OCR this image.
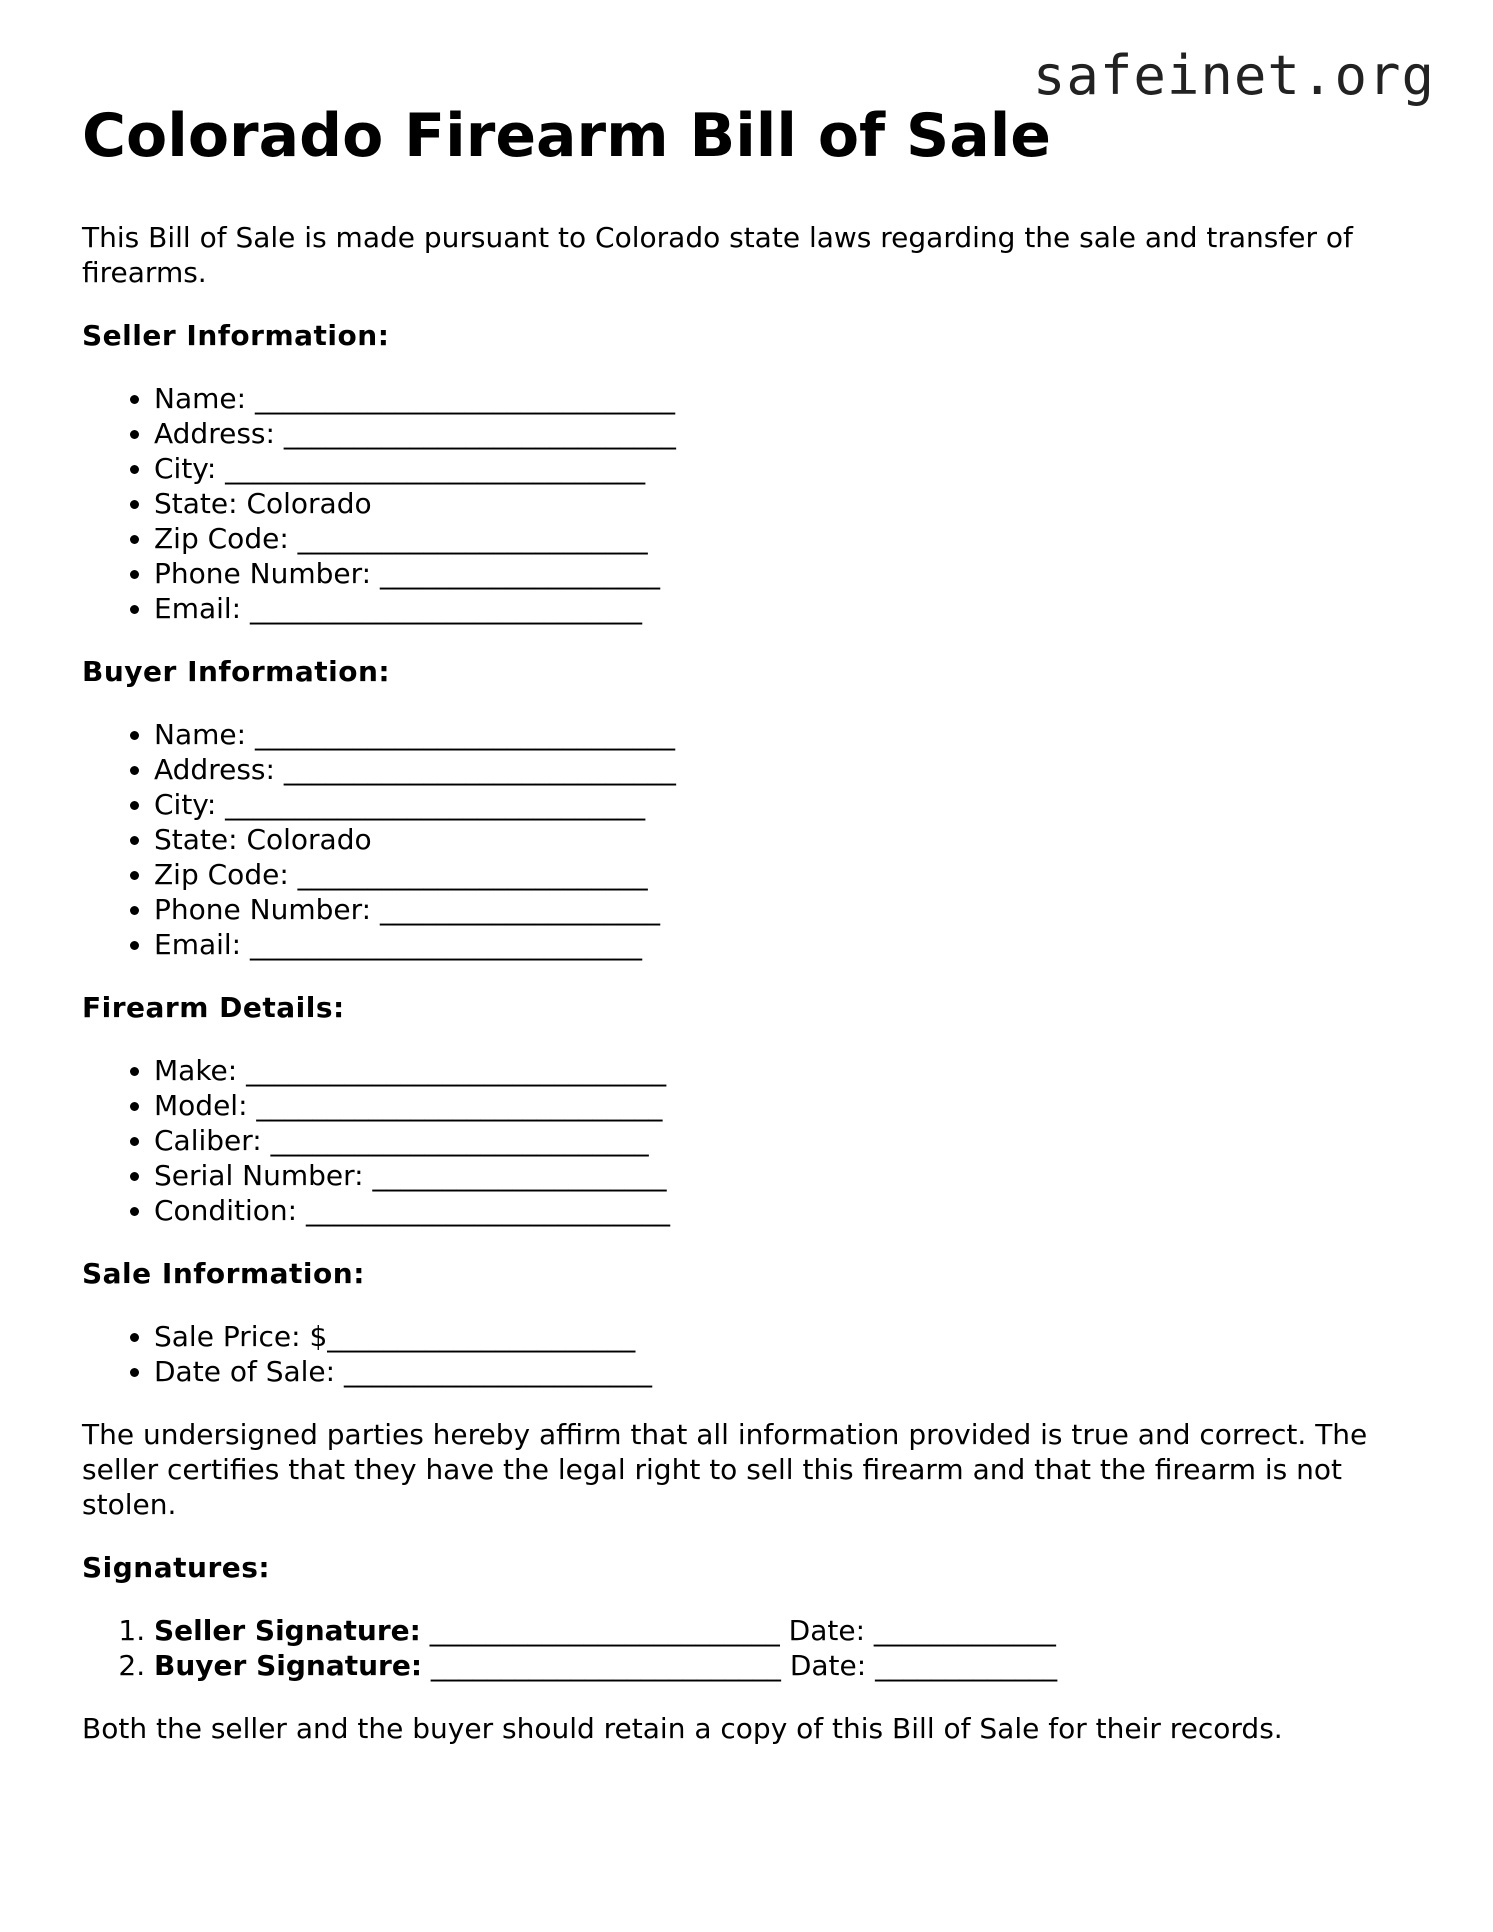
safeinet.org
Colorado Firearm Bill of Sale

This Bill of Sale is made pursuant to Colorado state laws regarding the sale and transfer of firearms.

Seller Information:
• Name: ______________________________
• Address: ____________________________
• City: ______________________________
• State: Colorado
• Zip Code: _________________________
• Phone Number: ____________________
• Email: ____________________________
Buyer Information:
• Name: ______________________________
• Address: ____________________________
• City: ______________________________
• State: Colorado
• Zip Code: _________________________
• Phone Number: ____________________
• Email: ____________________________
Firearm Details:
• Make: ______________________________
• Model: _____________________________
• Caliber: ___________________________
• Serial Number: _____________________
• Condition: __________________________
Sale Information:
• Sale Price: $______________________
• Date of Sale: ______________________

The undersigned parties hereby affirm that all information provided is true and correct. The seller certifies that they have the legal right to sell this firearm and that the firearm is not stolen.

Signatures:
1. Seller Signature: _________________________ Date: _____________
2. Buyer Signature: _________________________ Date: _____________

Both the seller and the buyer should retain a copy of this Bill of Sale for their records.
